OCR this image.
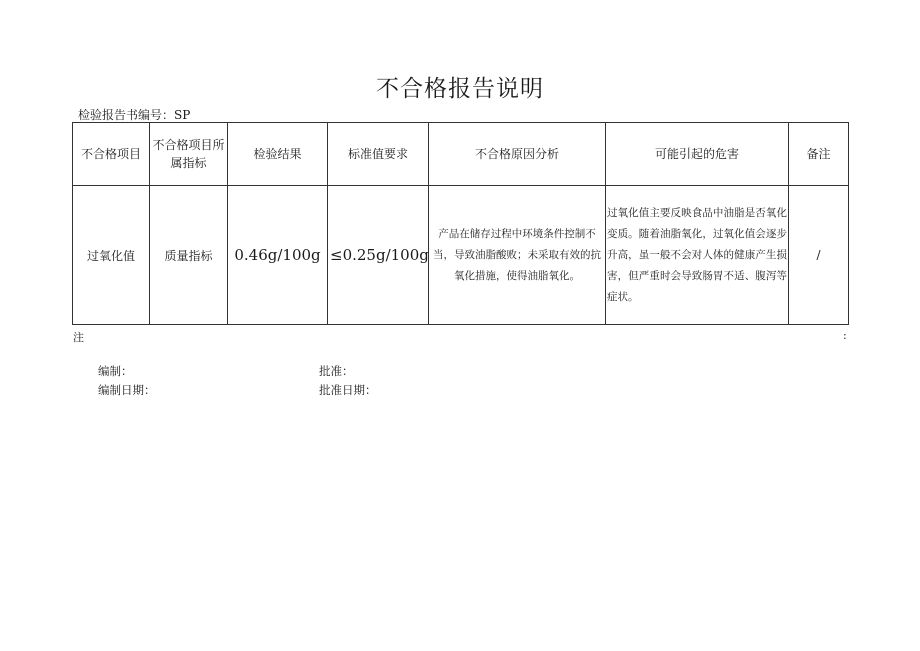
不合格报告说明
检验报告书编号：SP
不合格项目	不合格项目所属指标	检验结果	标准值要求	不合格原因分析	可能引起的危害	备注
过氧化值	质量指标	0.46g/100g	≤0.25g/100g	产品在储存过程中环境条件控制不当，导致油脂酸败；未采取有效的抗氧化措施，使得油脂氧化。	过氧化值主要反映食品中油脂是否氧化变质。随着油脂氧化，过氧化值会逐步升高，虽一般不会对人体的健康产生损害，但严重时会导致肠胃不适、腹泻等症状。	/
注	:
编制：	批准：
编制日期：	批准日期：
